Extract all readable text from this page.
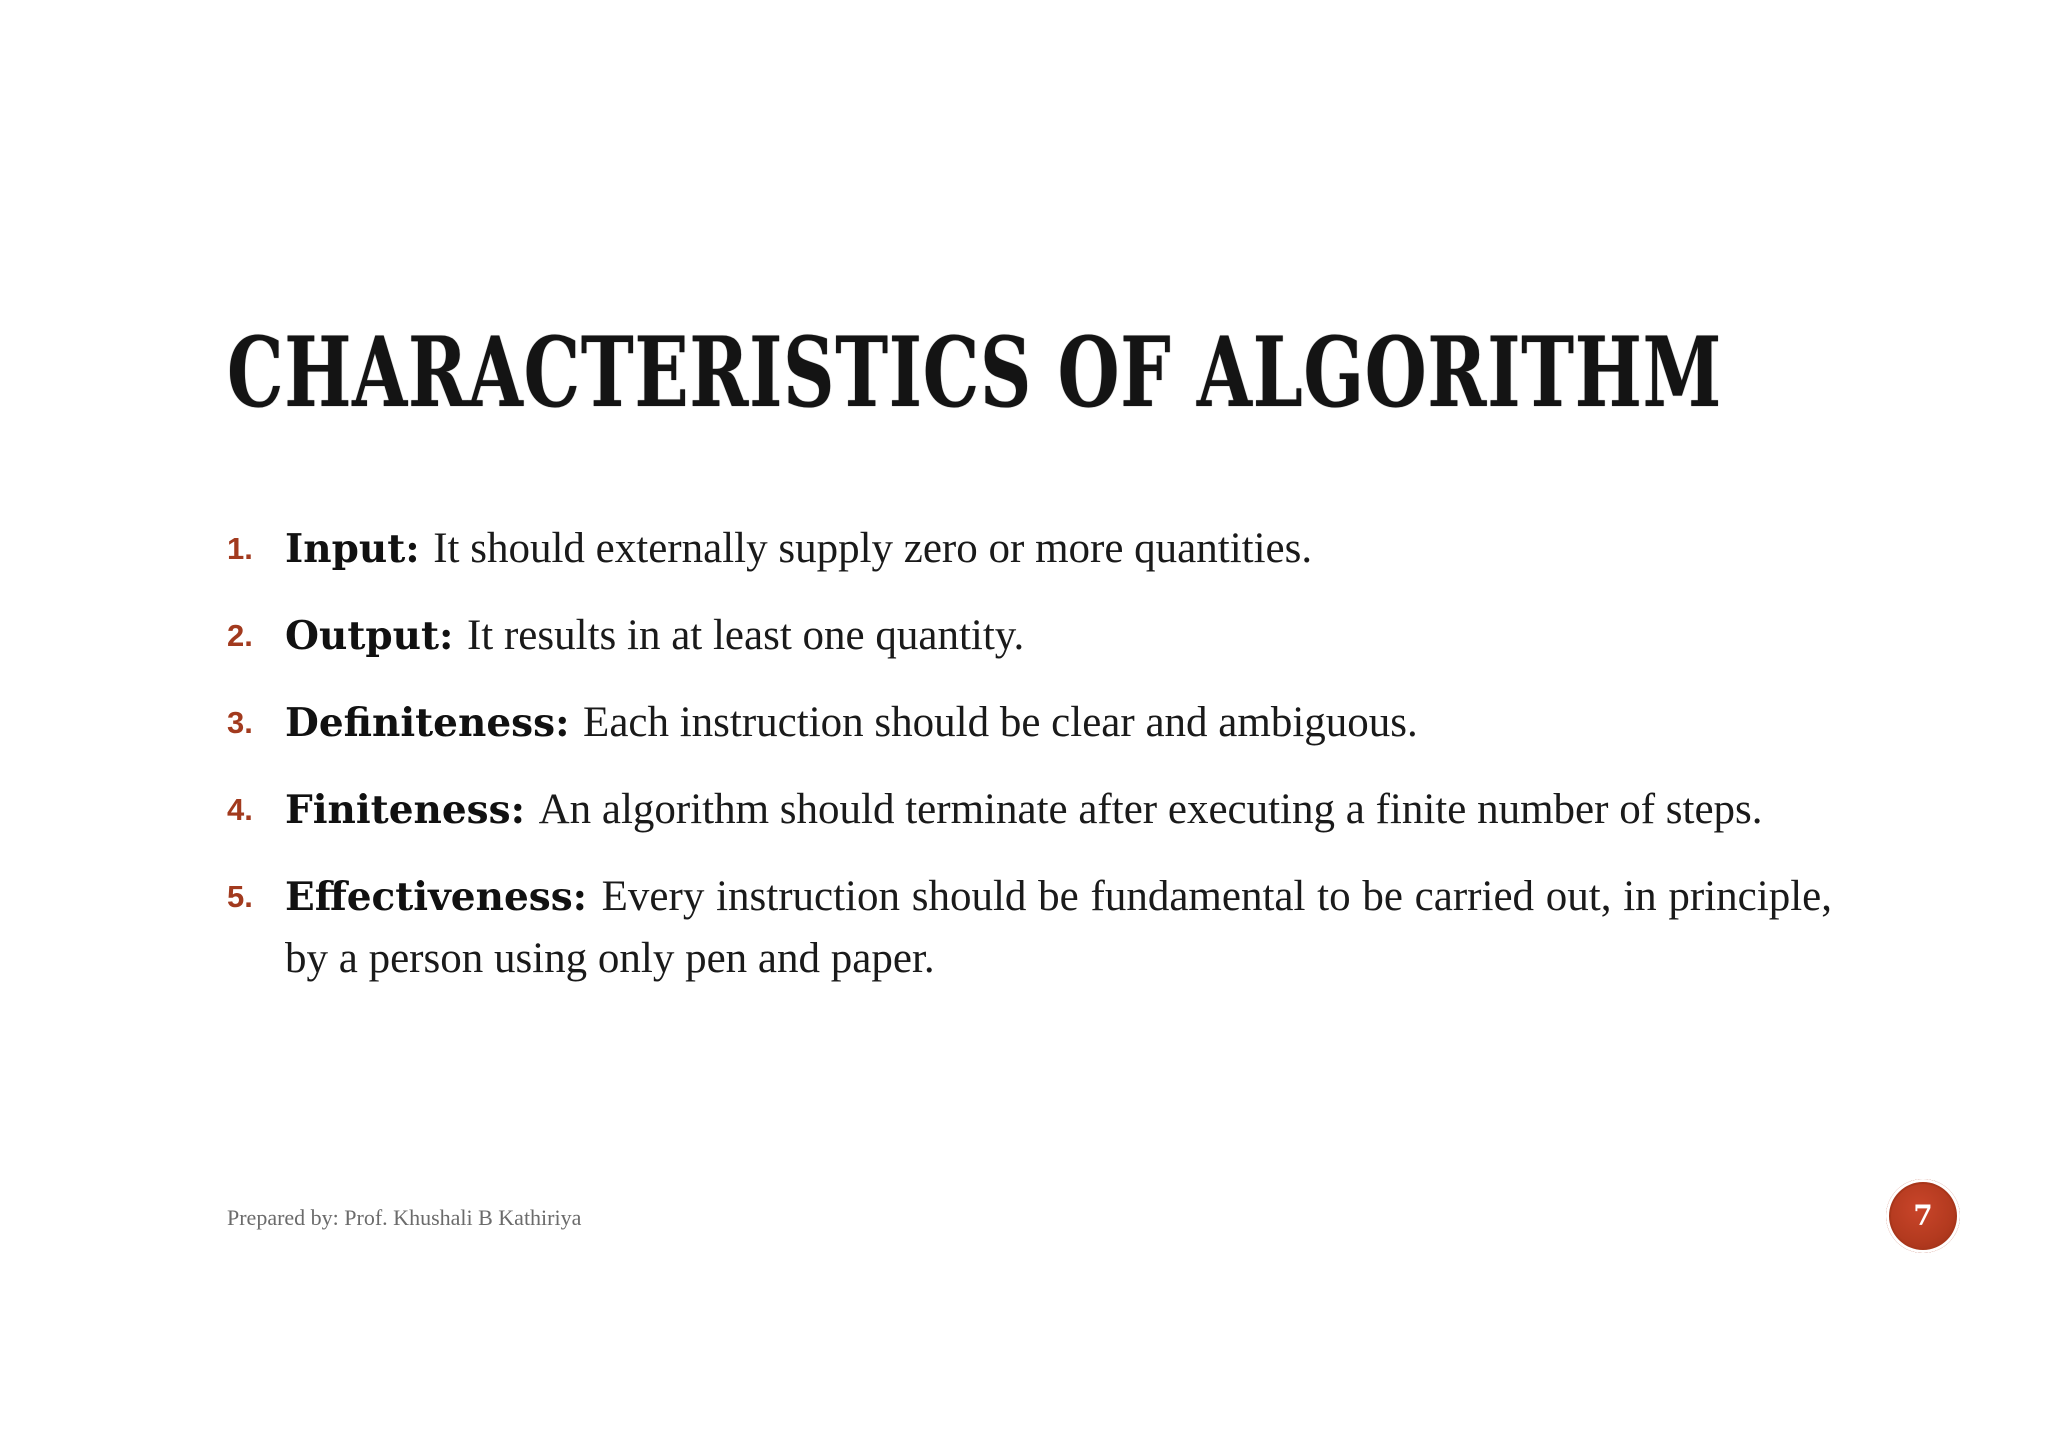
CHARACTERISTICS OF ALGORITHM
1. Input: It should externally supply zero or more quantities.
2. Output: It results in at least one quantity.
3. Definiteness: Each instruction should be clear and ambiguous.
4. Finiteness: An algorithm should terminate after executing a finite number of steps.
5. Effectiveness: Every instruction should be fundamental to be carried out, in principle, by a person using only pen and paper.
Prepared by: Prof. Khushali B Kathiriya	7
